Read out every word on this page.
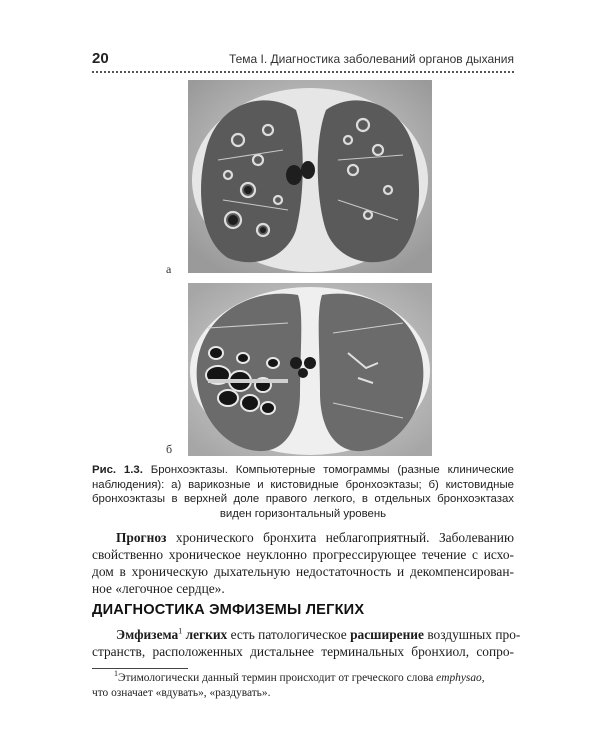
20	Тема I. Диагностика заболеваний органов дыхания
а
б
Рис. 1.3. Бронхоэктазы. Компьютерные томограммы (разные клинические
наблюдения): а) варикозные и кистовидные бронхоэктазы; б) кистовидные
бронхоэктазы в верхней доле правого легкого, в отдельных бронхоэктазах
виден горизонтальный уровень
Прогноз хронического бронхита неблагоприятный. Заболеванию
свойственно хроническое неуклонно прогрессирующее течение с исхо-
дом в хроническую дыхательную недостаточность и декомпенсирован-
ное «легочное сердце».
ДИАГНОСТИКА ЭМФИЗЕМЫ ЛЕГКИХ
Эмфизема$^1$ легких есть патологическое расширение воздушных про-
странств, расположенных дистальнее терминальных бронхиол, сопро-
$^1$Этимологически данный термин происходит от греческого слова emphysao,
что означает «вдувать», «раздувать».
